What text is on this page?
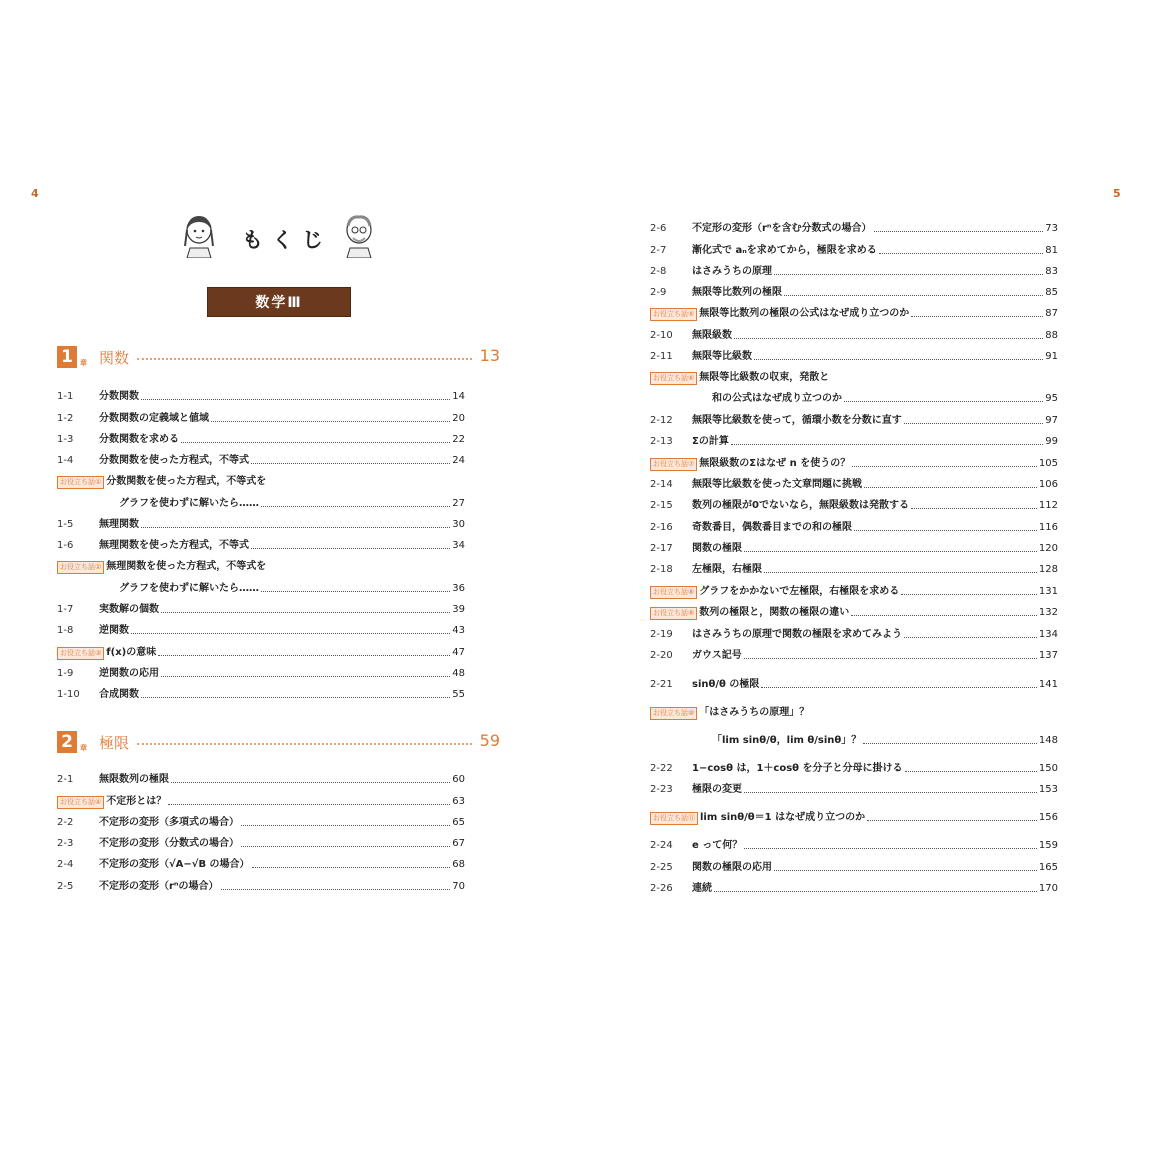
4	5
もくじ
数学Ⅲ
1	章 関数	13
2	章 極限	59
1-1	分数関数	14
1-2	分数関数の定義域と値域	20
1-3	分数関数を求める	22
1-4	分数関数を使った方程式，不等式	24
お役立ち話① 分数関数を使った方程式，不等式を
グラフを使わずに解いたら……	27
1-5	無理関数	30
1-6	無理関数を使った方程式，不等式	34
お役立ち話② 無理関数を使った方程式，不等式を
グラフを使わずに解いたら……	36
1-7	実数解の個数	39
1-8	逆関数	43
お役立ち話③ f(x)の意味	47
1-9	逆関数の応用	48
1-10	合成関数	55
2-1	無限数列の極限	60
お役立ち話④ 不定形とは？	63
2-2	不定形の変形（多項式の場合）	65
2-3	不定形の変形（分数式の場合）	67
2-4	不定形の変形（√A−√B の場合）	68
2-5	不定形の変形（rⁿの場合）	70
2-6	不定形の変形（rⁿを含む分数式の場合）	73
2-7	漸化式で aₙを求めてから，極限を求める	81
2-8	はさみうちの原理	83
2-9	無限等比数列の極限	85
お役立ち話⑤ 無限等比数列の極限の公式はなぜ成り立つのか	87
2-10	無限級数	88
2-11	無限等比級数	91
お役立ち話⑥ 無限等比級数の収束，発散と
和の公式はなぜ成り立つのか	95
2-12	無限等比級数を使って，循環小数を分数に直す	97
2-13	Σの計算	99
お役立ち話⑦ 無限級数のΣはなぜ n を使うの？	105
2-14	無限等比級数を使った文章問題に挑戦	106
2-15	数列の極限が0でないなら，無限級数は発散する	112
2-16	奇数番目，偶数番目までの和の極限	116
2-17	関数の極限	120
2-18	左極限，右極限	128
お役立ち話⑧ グラフをかかないで左極限，右極限を求める	131
お役立ち話⑨ 数列の極限と，関数の極限の違い	132
2-19	はさみうちの原理で関数の極限を求めてみよう	134
2-20	ガウス記号	137
2-21	sinθ/θ の極限	141
お役立ち話⑩ 「はさみうちの原理」？
「lim sinθ/θ，lim θ/sinθ」？	148
2-22	1−cosθ は，1＋cosθ を分子と分母に掛ける	150
2-23	極限の変更	153
お役立ち話⑪ lim sinθ/θ＝1 はなぜ成り立つのか	156
2-24	e って何？	159
2-25	関数の極限の応用	165
2-26	連続	170
